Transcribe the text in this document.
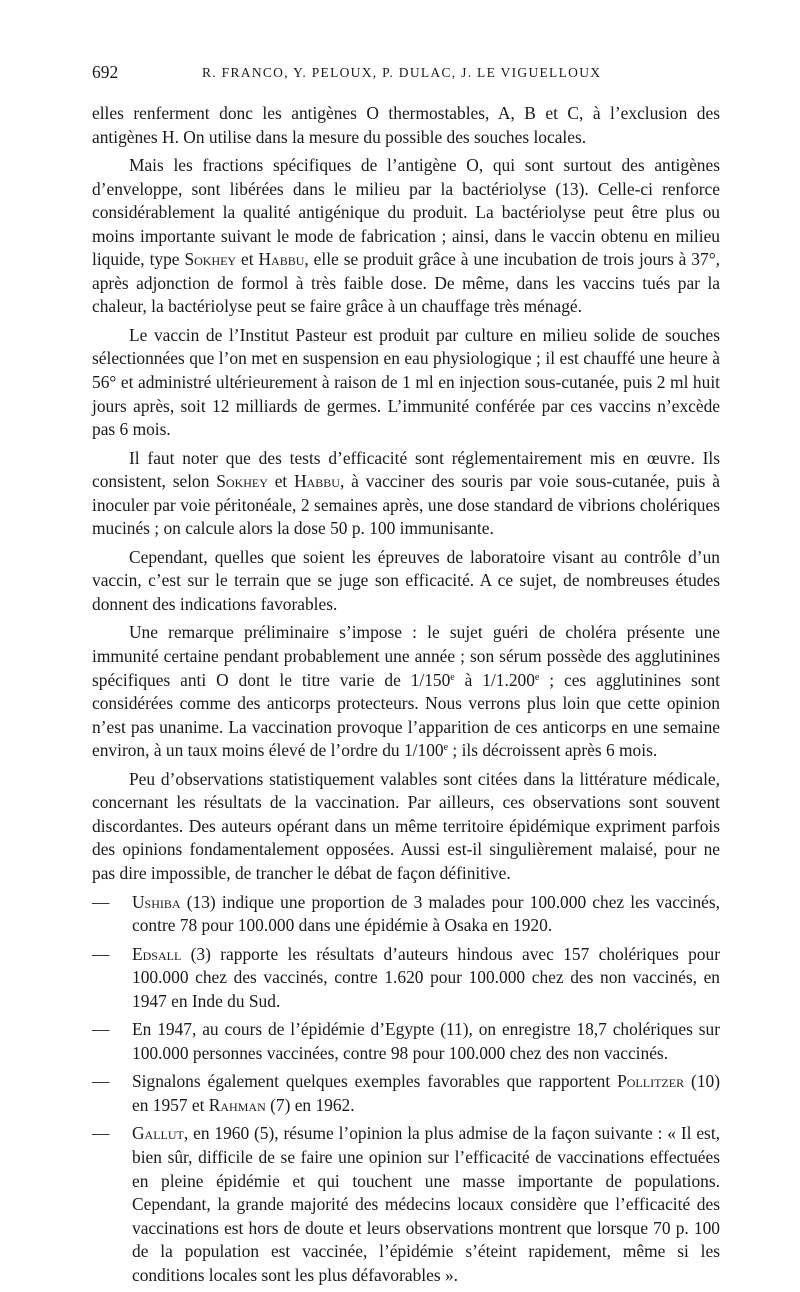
692	R. FRANCO, Y. PELOUX, P. DULAC, J. LE VIGUELLOUX

elles renferment donc les antigènes O thermostables, A, B et C, à l’exclusion des antigènes H. On utilise dans la mesure du possible des souches locales.

Mais les fractions spécifiques de l’antigène O, qui sont surtout des antigènes d’enveloppe, sont libérées dans le milieu par la bactériolyse (13). Celle-ci renforce considérablement la qualité antigénique du produit. La bactériolyse peut être plus ou moins importante suivant le mode de fabrication ; ainsi, dans le vaccin obtenu en milieu liquide, type Sokhey et Habbu, elle se produit grâce à une incubation de trois jours à 37°, après adjonction de formol à très faible dose. De même, dans les vaccins tués par la chaleur, la bactériolyse peut se faire grâce à un chauffage très ménagé.

Le vaccin de l’Institut Pasteur est produit par culture en milieu solide de souches sélectionnées que l’on met en suspension en eau physiologique ; il est chauffé une heure à 56° et administré ultérieurement à raison de 1 ml en injection sous-cutanée, puis 2 ml huit jours après, soit 12 milliards de germes. L’immunité conférée par ces vaccins n’excède pas 6 mois.

Il faut noter que des tests d’efficacité sont réglementairement mis en œuvre. Ils consistent, selon Sokhey et Habbu, à vacciner des souris par voie sous-cutanée, puis à inoculer par voie péritonéale, 2 semaines après, une dose standard de vibrions cholériques mucinés ; on calcule alors la dose 50 p. 100 immunisante.

Cependant, quelles que soient les épreuves de laboratoire visant au contrôle d’un vaccin, c’est sur le terrain que se juge son efficacité. A ce sujet, de nombreuses études donnent des indications favorables.

Une remarque préliminaire s’impose : le sujet guéri de choléra présente une immunité certaine pendant probablement une année ; son sérum possède des agglutinines spécifiques anti O dont le titre varie de 1/150e à 1/1.200e ; ces agglutinines sont considérées comme des anticorps protecteurs. Nous verrons plus loin que cette opinion n’est pas unanime. La vaccination provoque l’apparition de ces anticorps en une semaine environ, à un taux moins élevé de l’ordre du 1/100e ; ils décroissent après 6 mois.

Peu d’observations statistiquement valables sont citées dans la littérature médicale, concernant les résultats de la vaccination. Par ailleurs, ces observations sont souvent discordantes. Des auteurs opérant dans un même territoire épidémique expriment parfois des opinions fondamentalement opposées. Aussi est-il singulièrement malaisé, pour ne pas dire impossible, de trancher le débat de façon définitive.

— Ushiba (13) indique une proportion de 3 malades pour 100.000 chez les vaccinés, contre 78 pour 100.000 dans une épidémie à Osaka en 1920.
— Edsall (3) rapporte les résultats d’auteurs hindous avec 157 cholériques pour 100.000 chez des vaccinés, contre 1.620 pour 100.000 chez des non vaccinés, en 1947 en Inde du Sud.
— En 1947, au cours de l’épidémie d’Egypte (11), on enregistre 18,7 cholériques sur 100.000 personnes vaccinées, contre 98 pour 100.000 chez des non vaccinés.
— Signalons également quelques exemples favorables que rapportent Pollitzer (10) en 1957 et Rahman (7) en 1962.
— Gallut, en 1960 (5), résume l’opinion la plus admise de la façon suivante : « Il est, bien sûr, difficile de se faire une opinion sur l’efficacité de vaccinations effectuées en pleine épidémie et qui touchent une masse importante de populations. Cependant, la grande majorité des médecins locaux considère que l’efficacité des vaccinations est hors de doute et leurs observations montrent que lorsque 70 p. 100 de la population est vaccinée, l’épidémie s’éteint rapidement, même si les conditions locales sont les plus défavorables ».
